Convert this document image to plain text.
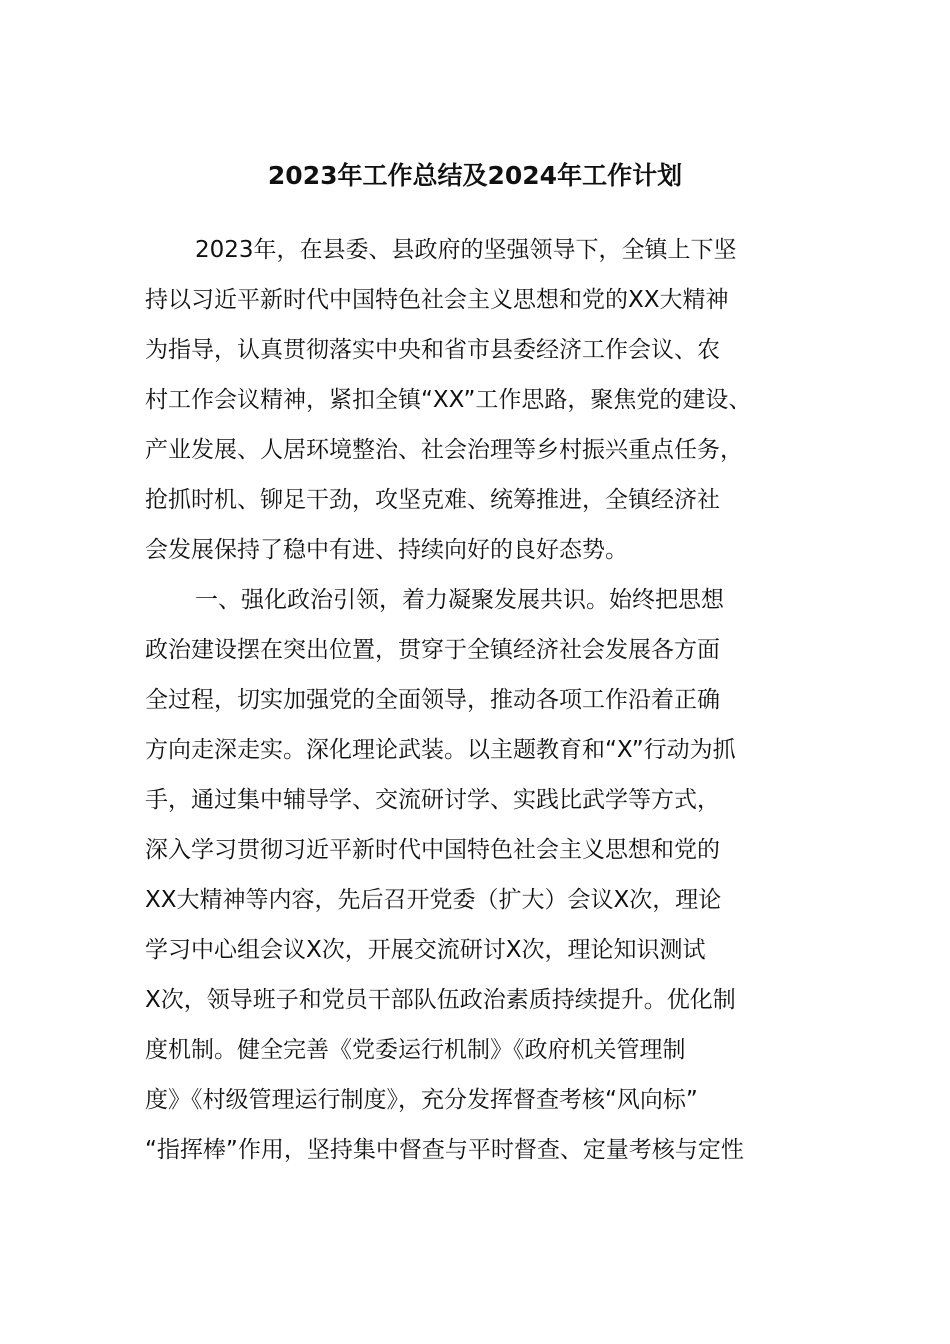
2023年工作总结及2024年工作计划
2023年，在县委、县政府的坚强领导下，全镇上下坚
持以习近平新时代中国特色社会主义思想和党的XX大精神
为指导，认真贯彻落实中央和省市县委经济工作会议、农
村工作会议精神，紧扣全镇“XX”工作思路，聚焦党的建设、
产业发展、人居环境整治、社会治理等乡村振兴重点任务，
抢抓时机、铆足干劲，攻坚克难、统筹推进，全镇经济社
会发展保持了稳中有进、持续向好的良好态势。
一、强化政治引领，着力凝聚发展共识。始终把思想
政治建设摆在突出位置，贯穿于全镇经济社会发展各方面
全过程，切实加强党的全面领导，推动各项工作沿着正确
方向走深走实。深化理论武装。以主题教育和“X”行动为抓
手，通过集中辅导学、交流研讨学、实践比武学等方式，
深入学习贯彻习近平新时代中国特色社会主义思想和党的
XX大精神等内容，先后召开党委（扩大）会议X次，理论
学习中心组会议X次，开展交流研讨X次，理论知识测试
X次，领导班子和党员干部队伍政治素质持续提升。优化制
度机制。健全完善《党委运行机制》《政府机关管理制
度》《村级管理运行制度》，充分发挥督查考核“风向标”
“指挥棒”作用，坚持集中督查与平时督查、定量考核与定性
